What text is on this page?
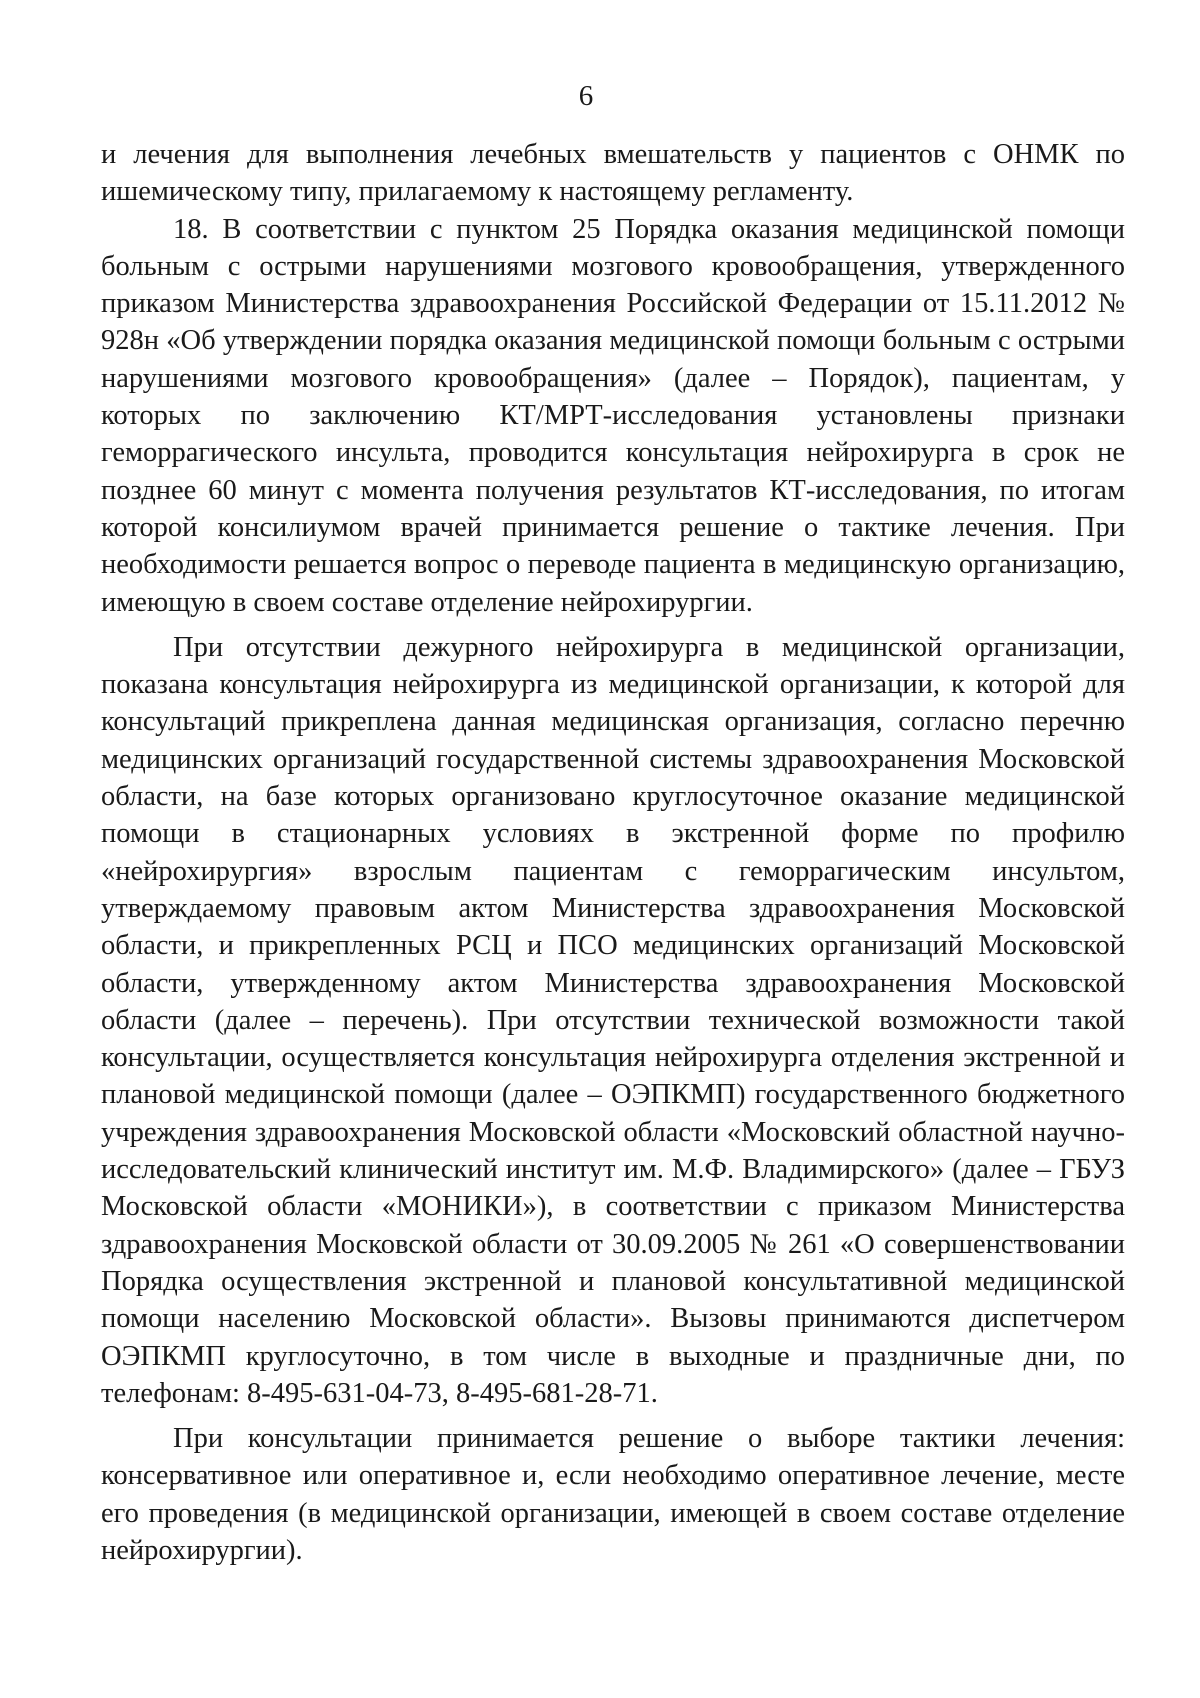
6

и лечения для выполнения лечебных вмешательств у пациентов с ОНМК по ишемическому типу, прилагаемому к настоящему регламенту.

18. В соответствии с пунктом 25 Порядка оказания медицинской помощи больным с острыми нарушениями мозгового кровообращения, утвержденного приказом Министерства здравоохранения Российской Федерации от 15.11.2012 № 928н «Об утверждении порядка оказания медицинской помощи больным с острыми нарушениями мозгового кровообращения» (далее – Порядок), пациентам, у которых по заключению КТ/МРТ-исследования установлены признаки геморрагического инсульта, проводится консультация нейрохирурга в срок не позднее 60 минут с момента получения результатов КТ-исследования, по итогам которой консилиумом врачей принимается решение о тактике лечения. При необходимости решается вопрос о переводе пациента в медицинскую организацию, имеющую в своем составе отделение нейрохирургии.

При отсутствии дежурного нейрохирурга в медицинской организации, показана консультация нейрохирурга из медицинской организации, к которой для консультаций прикреплена данная медицинская организация, согласно перечню медицинских организаций государственной системы здравоохранения Московской области, на базе которых организовано круглосуточное оказание медицинской помощи в стационарных условиях в экстренной форме по профилю «нейрохирургия» взрослым пациентам с геморрагическим инсультом, утверждаемому правовым актом Министерства здравоохранения Московской области, и прикрепленных РСЦ и ПСО медицинских организаций Московской области, утвержденному актом Министерства здравоохранения Московской области (далее – перечень). При отсутствии технической возможности такой консультации, осуществляется консультация нейрохирурга отделения экстренной и плановой медицинской помощи (далее – ОЭПКМП) государственного бюджетного учреждения здравоохранения Московской области «Московский областной научно-исследовательский клинический институт им. М.Ф. Владимирского» (далее – ГБУЗ Московской области «МОНИКИ»), в соответствии с приказом Министерства здравоохранения Московской области от 30.09.2005 № 261 «О совершенствовании Порядка осуществления экстренной и плановой консультативной медицинской помощи населению Московской области». Вызовы принимаются диспетчером ОЭПКМП круглосуточно, в том числе в выходные и праздничные дни, по телефонам: 8-495-631-04-73, 8-495-681-28-71.

При консультации принимается решение о выборе тактики лечения: консервативное или оперативное и, если необходимо оперативное лечение, месте его проведения (в медицинской организации, имеющей в своем составе отделение нейрохирургии).
